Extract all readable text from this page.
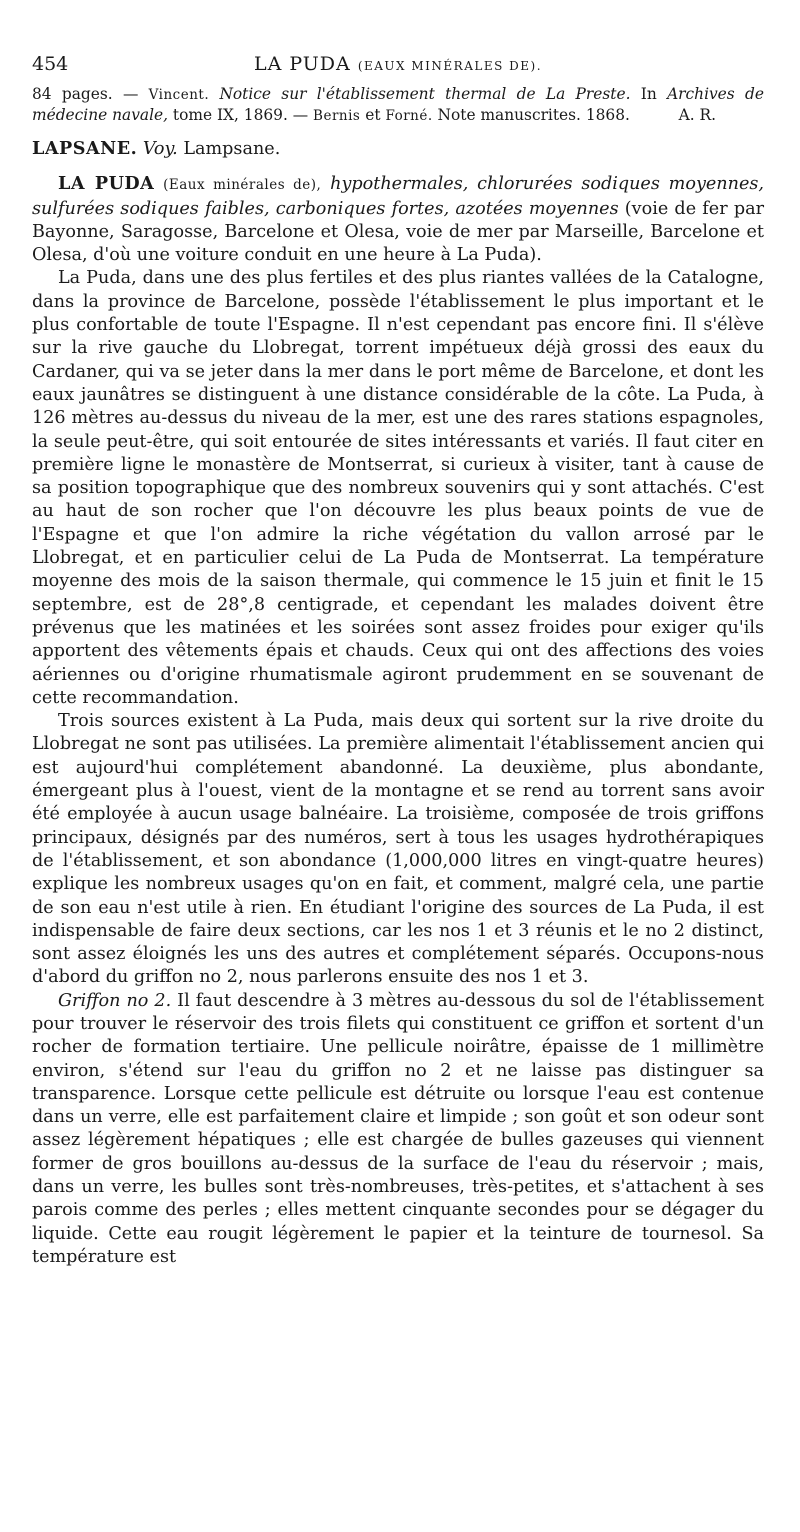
454	LA PUDA (EAUX MINÉRALES DE).

84 pages. — Vincent. Notice sur l'établissement thermal de La Preste. In Archives de médecine navale, tome IX, 1869. — Bernis et Forné. Note manuscrites. 1868.	A. R.

LAPSANE. Voy. Lampsane.

LA PUDA (Eaux minérales de), hypothermales, chlorurées sodiques moyennes, sulfurées sodiques faibles, carboniques fortes, azotées moyennes (voie de fer par Bayonne, Saragosse, Barcelone et Olesa, voie de mer par Marseille, Barcelone et Olesa, d'où une voiture conduit en une heure à La Puda).

La Puda, dans une des plus fertiles et des plus riantes vallées de la Catalogne, dans la province de Barcelone, possède l'établissement le plus important et le plus confortable de toute l'Espagne. Il n'est cependant pas encore fini. Il s'élève sur la rive gauche du Llobregat, torrent impétueux déjà grossi des eaux du Cardaner, qui va se jeter dans la mer dans le port même de Barcelone, et dont les eaux jaunâtres se distinguent à une distance considérable de la côte. La Puda, à 126 mètres au-dessus du niveau de la mer, est une des rares stations espagnoles, la seule peut-être, qui soit entourée de sites intéressants et variés. Il faut citer en première ligne le monastère de Montserrat, si curieux à visiter, tant à cause de sa position topographique que des nombreux souvenirs qui y sont attachés. C'est au haut de son rocher que l'on découvre les plus beaux points de vue de l'Espagne et que l'on admire la riche végétation du vallon arrosé par le Llobregat, et en particulier celui de La Puda de Montserrat. La température moyenne des mois de la saison thermale, qui commence le 15 juin et finit le 15 septembre, est de 28°,8 centigrade, et cependant les malades doivent être prévenus que les matinées et les soirées sont assez froides pour exiger qu'ils apportent des vêtements épais et chauds. Ceux qui ont des affections des voies aériennes ou d'origine rhumatismale agiront prudemment en se souvenant de cette recommandation.

Trois sources existent à La Puda, mais deux qui sortent sur la rive droite du Llobregat ne sont pas utilisées. La première alimentait l'établissement ancien qui est aujourd'hui complétement abandonné. La deuxième, plus abondante, émergeant plus à l'ouest, vient de la montagne et se rend au torrent sans avoir été employée à aucun usage balnéaire. La troisième, composée de trois griffons principaux, désignés par des numéros, sert à tous les usages hydrothérapiques de l'établissement, et son abondance (1,000,000 litres en vingt-quatre heures) explique les nombreux usages qu'on en fait, et comment, malgré cela, une partie de son eau n'est utile à rien. En étudiant l'origine des sources de La Puda, il est indispensable de faire deux sections, car les nos 1 et 3 réunis et le no 2 distinct, sont assez éloignés les uns des autres et complétement séparés. Occupons-nous d'abord du griffon no 2, nous parlerons ensuite des nos 1 et 3.

Griffon no 2. Il faut descendre à 3 mètres au-dessous du sol de l'établissement pour trouver le réservoir des trois filets qui constituent ce griffon et sortent d'un rocher de formation tertiaire. Une pellicule noirâtre, épaisse de 1 millimètre environ, s'étend sur l'eau du griffon no 2 et ne laisse pas distinguer sa transparence. Lorsque cette pellicule est détruite ou lorsque l'eau est contenue dans un verre, elle est parfaitement claire et limpide ; son goût et son odeur sont assez légèrement hépatiques ; elle est chargée de bulles gazeuses qui viennent former de gros bouillons au-dessus de la surface de l'eau du réservoir ; mais, dans un verre, les bulles sont très-nombreuses, très-petites, et s'attachent à ses parois comme des perles ; elles mettent cinquante secondes pour se dégager du liquide. Cette eau rougit légèrement le papier et la teinture de tournesol. Sa température est
